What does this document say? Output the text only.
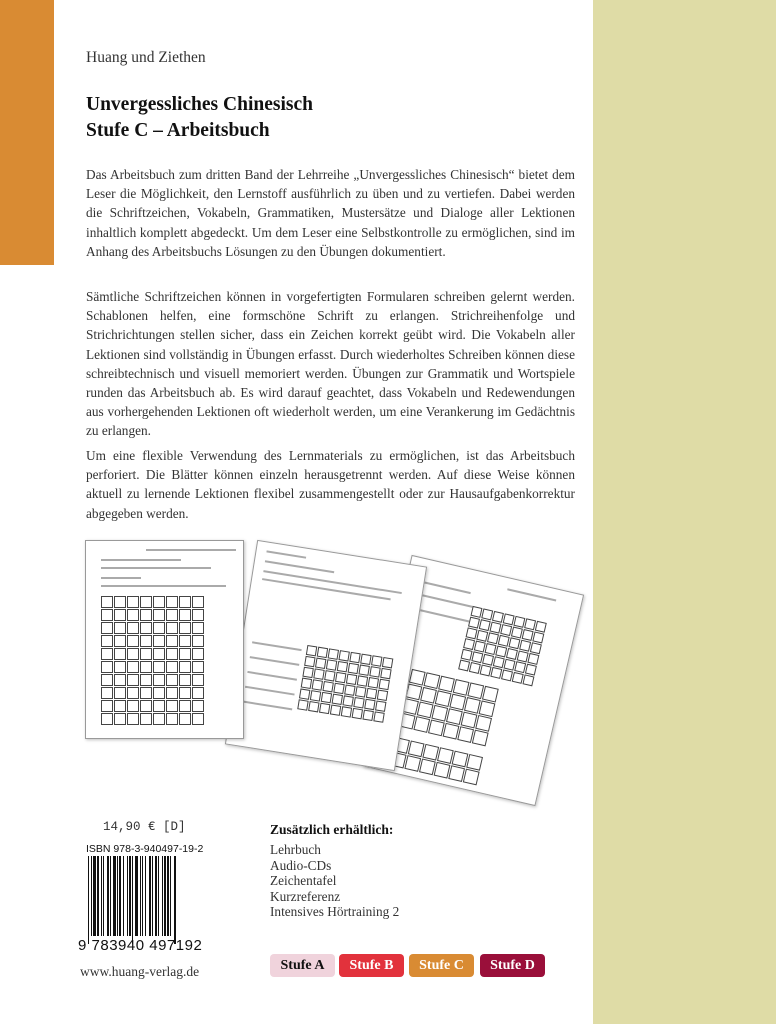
Huang und Ziethen
Unvergessliches Chinesisch
Stufe C – Arbeitsbuch
Das Arbeitsbuch zum dritten Band der Lehrreihe „Unvergessliches Chinesisch“ bietet dem Leser die Möglichkeit, den Lernstoff ausführlich zu üben und zu vertiefen. Dabei werden die Schriftzeichen, Vokabeln, Grammatiken, Mustersätze und Dialoge aller Lektionen inhaltlich komplett abgedeckt. Um dem Leser eine Selbstkontrolle zu ermöglichen, sind im Anhang des Arbeitsbuchs Lösungen zu den Übungen dokumentiert.
Sämtliche Schriftzeichen können in vorgefertigten Formularen schreiben gelernt werden. Schablonen helfen, eine formschöne Schrift zu erlangen. Strichreihenfolge und Strichrichtungen stellen sicher, dass ein Zeichen korrekt geübt wird. Die Vokabeln aller Lektionen sind vollständig in Übungen erfasst. Durch wiederholtes Schreiben können diese schreibtechnisch und visuell memoriert werden. Übungen zur Grammatik und Wortspiele runden das Arbeitsbuch ab. Es wird darauf geachtet, dass Vokabeln und Redewendungen aus vorhergehenden Lektionen oft wiederholt werden, um eine Verankerung im Gedächtnis zu erlangen.
Um eine flexible Verwendung des Lernmaterials zu ermöglichen, ist das Arbeitsbuch perforiert. Die Blätter können einzeln herausgetrennt werden. Auf diese Weise können aktuell zu lernende Lektionen flexibel zusammengestellt oder zur Hausaufgabenkorrektur abgegeben werden.
14,90 € [D]
ISBN 978-3-940497-19-2
9 783940 497192
www.huang-verlag.de
Zusätzlich erhältlich:
Lehrbuch
Audio-CDs
Zeichentafel
Kurzreferenz
Intensives Hörtraining 2
Stufe A	Stufe B	Stufe C	Stufe D
